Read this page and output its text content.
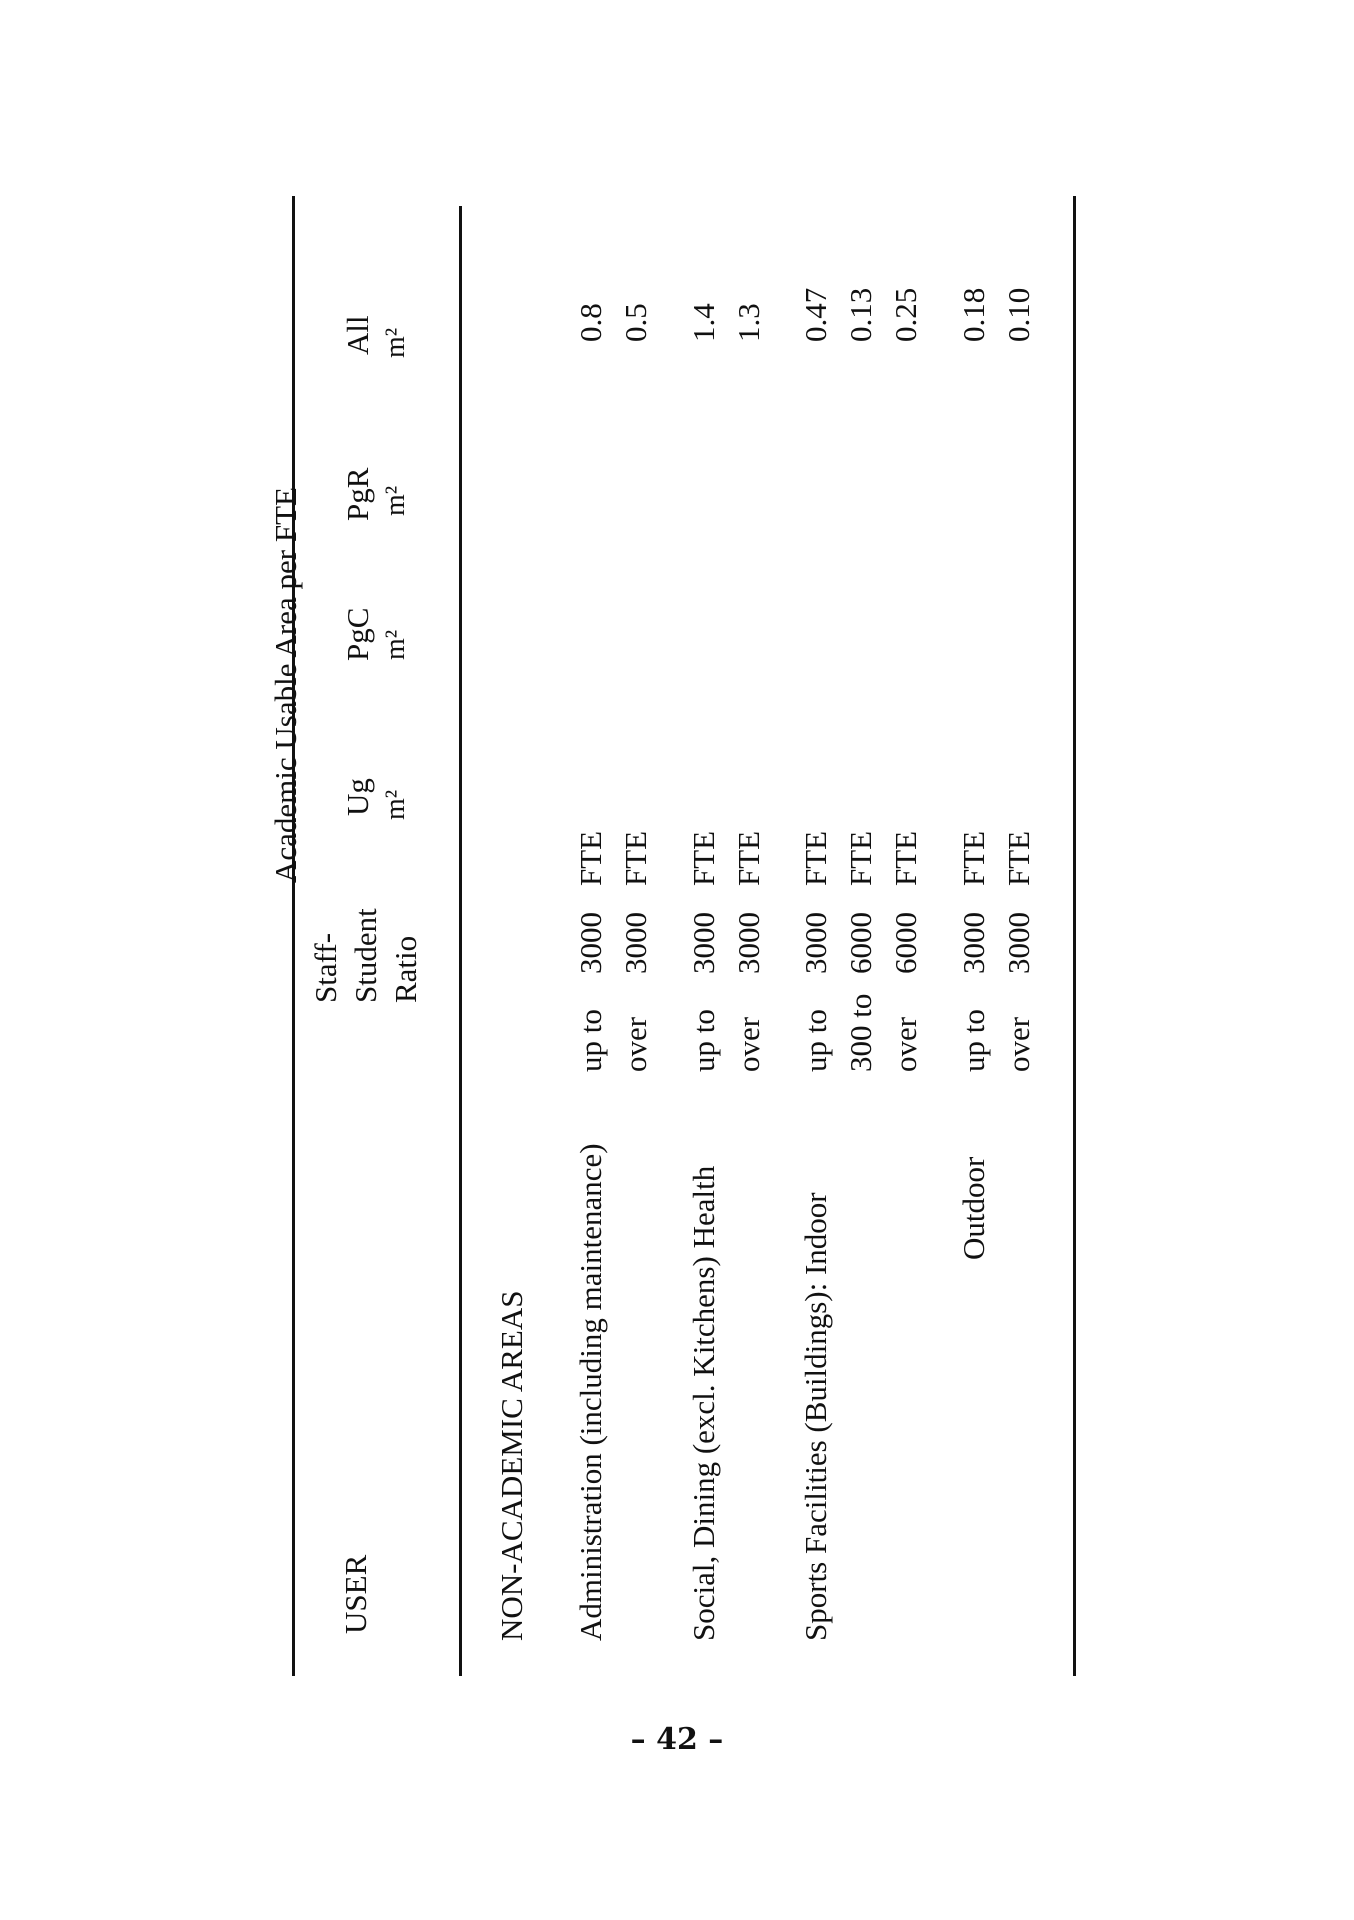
USER
Staff- Student Ratio
Academic Usable Area per FTE Ug m²
PgC m²
PgR m²
All m²
NON-ACADEMIC AREAS Administration (including maintenance)
up to
3000
FTE
0.8
over
3000
FTE
0.5
Social, Dining (excl. Kitchens) Health
up to
3000
FTE
1.4
over
3000
FTE
1.3
Sports Facilities (Buildings): Indoor
up to
3000
FTE
0.47
300 to
6000
FTE
0.13
over
6000
FTE
0.25
Outdoor
up to
3000
FTE
0.18
over
3000
FTE
0.10
– 42 –
